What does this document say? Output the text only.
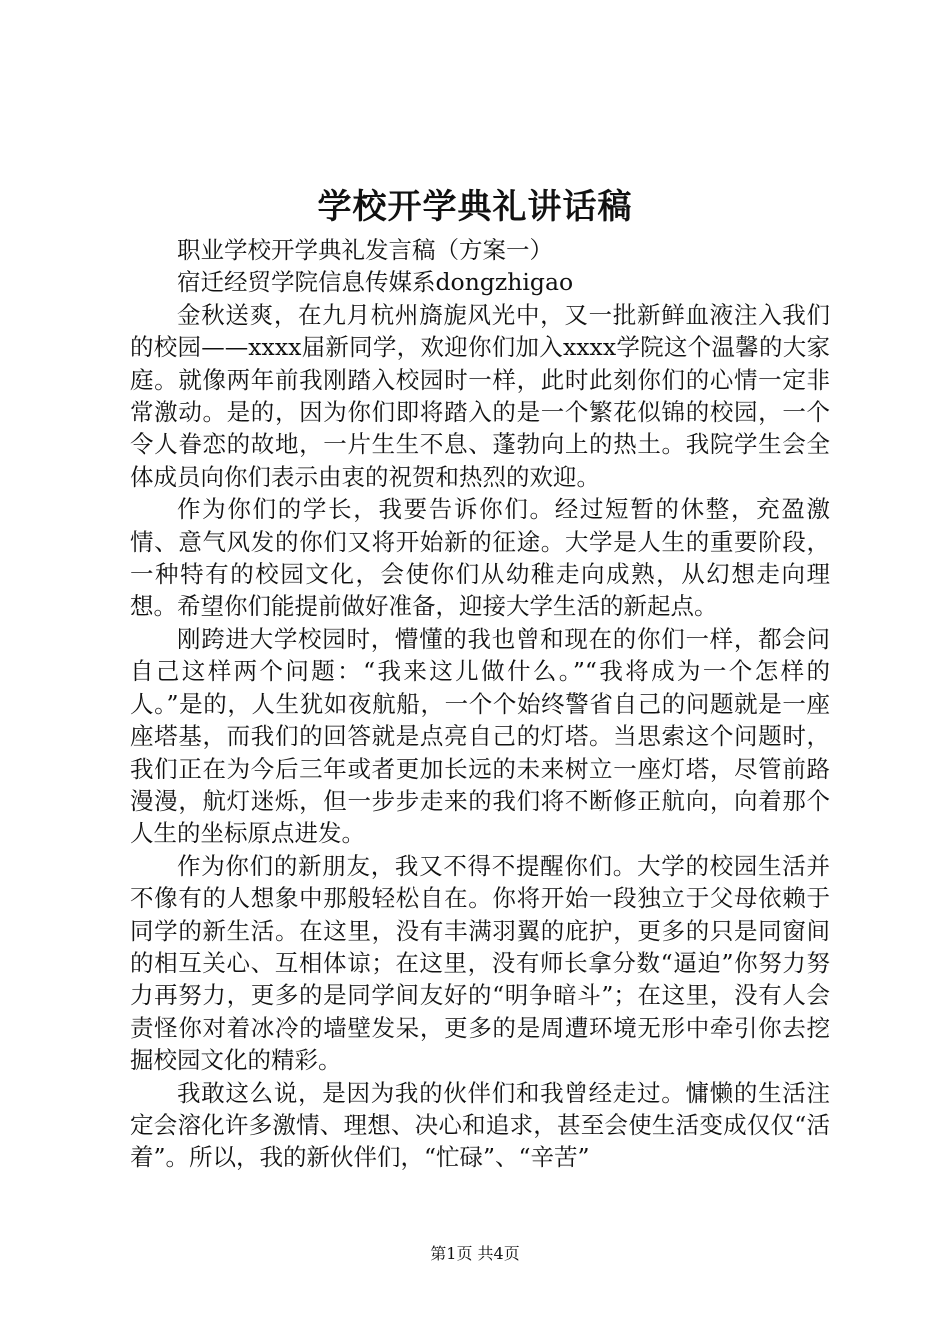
学校开学典礼讲话稿

职业学校开学典礼发言稿（方案一）

宿迁经贸学院信息传媒系dongzhigao

金秋送爽，在九月杭州旖旎风光中，又一批新鲜血液注入我们的校园——xxxx届新同学，欢迎你们加入xxxx学院这个温馨的大家庭。就像两年前我刚踏入校园时一样，此时此刻你们的心情一定非常激动。是的，因为你们即将踏入的是一个繁花似锦的校园，一个令人眷恋的故地，一片生生不息、蓬勃向上的热土。我院学生会全体成员向你们表示由衷的祝贺和热烈的欢迎。

作为你们的学长，我要告诉你们。经过短暂的休整，充盈激情、意气风发的你们又将开始新的征途。大学是人生的重要阶段，一种特有的校园文化，会使你们从幼稚走向成熟，从幻想走向理想。希望你们能提前做好准备，迎接大学生活的新起点。

刚跨进大学校园时，懵懂的我也曾和现在的你们一样，都会问自己这样两个问题：“我来这儿做什么。”“我将成为一个怎样的人。”是的，人生犹如夜航船，一个个始终警省自己的问题就是一座座塔基，而我们的回答就是点亮自己的灯塔。当思索这个问题时，我们正在为今后三年或者更加长远的未来树立一座灯塔，尽管前路漫漫，航灯迷烁，但一步步走来的我们将不断修正航向，向着那个人生的坐标原点进发。

作为你们的新朋友，我又不得不提醒你们。大学的校园生活并不像有的人想象中那般轻松自在。你将开始一段独立于父母依赖于同学的新生活。在这里，没有丰满羽翼的庇护，更多的只是同窗间的相互关心、互相体谅；在这里，没有师长拿分数“逼迫”你努力努力再努力，更多的是同学间友好的“明争暗斗”；在这里，没有人会责怪你对着冰冷的墙壁发呆，更多的是周遭环境无形中牵引你去挖掘校园文化的精彩。

我敢这么说，是因为我的伙伴们和我曾经走过。慵懒的生活注定会溶化许多激情、理想、决心和追求，甚至会使生活变成仅仅“活着”。所以，我的新伙伴们，“忙碌”、“辛苦”

第1页 共4页
